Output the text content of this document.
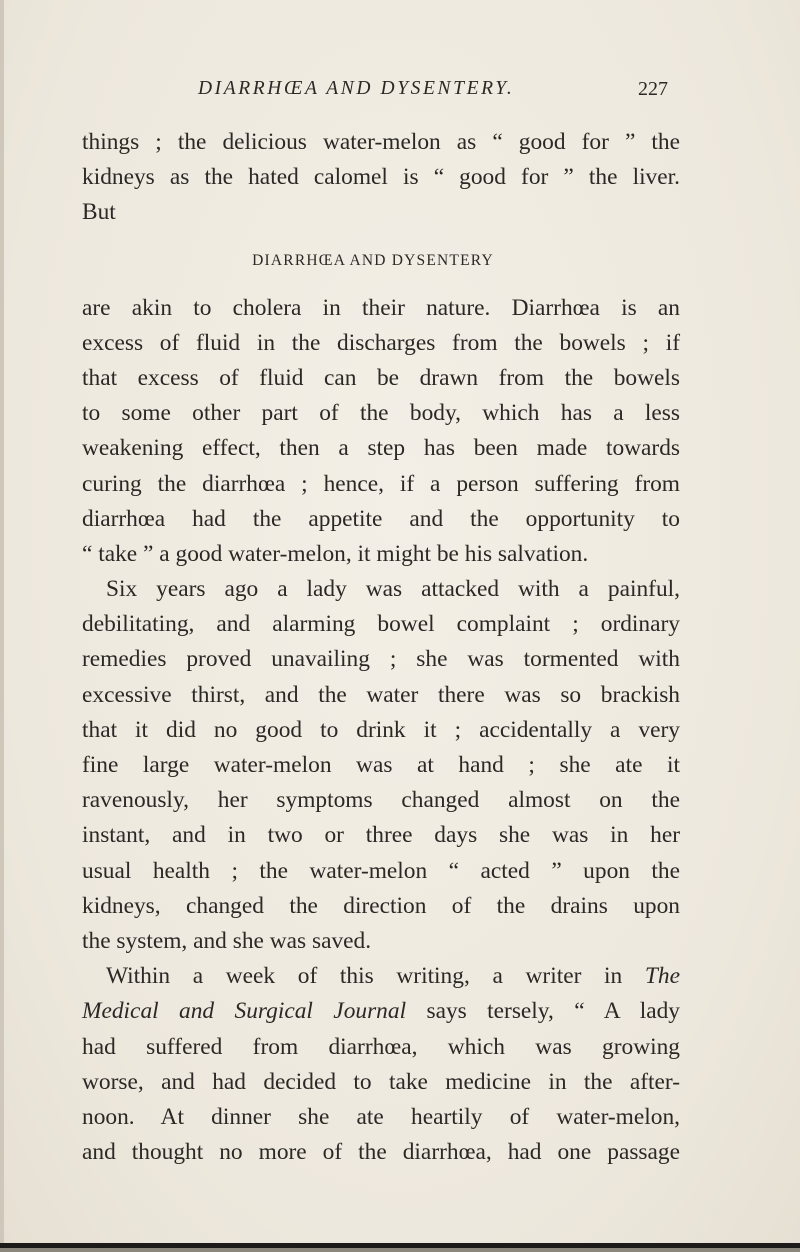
DIARRHŒA AND DYSENTERY.	227
things ; the delicious water-melon as “ good for ” the
kidneys as the hated calomel is “ good for ” the liver.
But
DIARRHŒA AND DYSENTERY
are akin to cholera in their nature. Diarrhœa is an
excess of fluid in the discharges from the bowels ; if
that excess of fluid can be drawn from the bowels
to some other part of the body, which has a less
weakening effect, then a step has been made towards
curing the diarrhœa ; hence, if a person suffering from
diarrhœa had the appetite and the opportunity to
“ take ” a good water-melon, it might be his salvation.
Six years ago a lady was attacked with a painful,
debilitating, and alarming bowel complaint ; ordinary
remedies proved unavailing ; she was tormented with
excessive thirst, and the water there was so brackish
that it did no good to drink it ; accidentally a very
fine large water-melon was at hand ; she ate it
ravenously, her symptoms changed almost on the
instant, and in two or three days she was in her
usual health ; the water-melon “ acted ” upon the
kidneys, changed the direction of the drains upon
the system, and she was saved.
Within a week of this writing, a writer in The
Medical and Surgical Journal says tersely, “ A lady
had suffered from diarrhœa, which was growing
worse, and had decided to take medicine in the after-
noon. At dinner she ate heartily of water-melon,
and thought no more of the diarrhœa, had one passage
